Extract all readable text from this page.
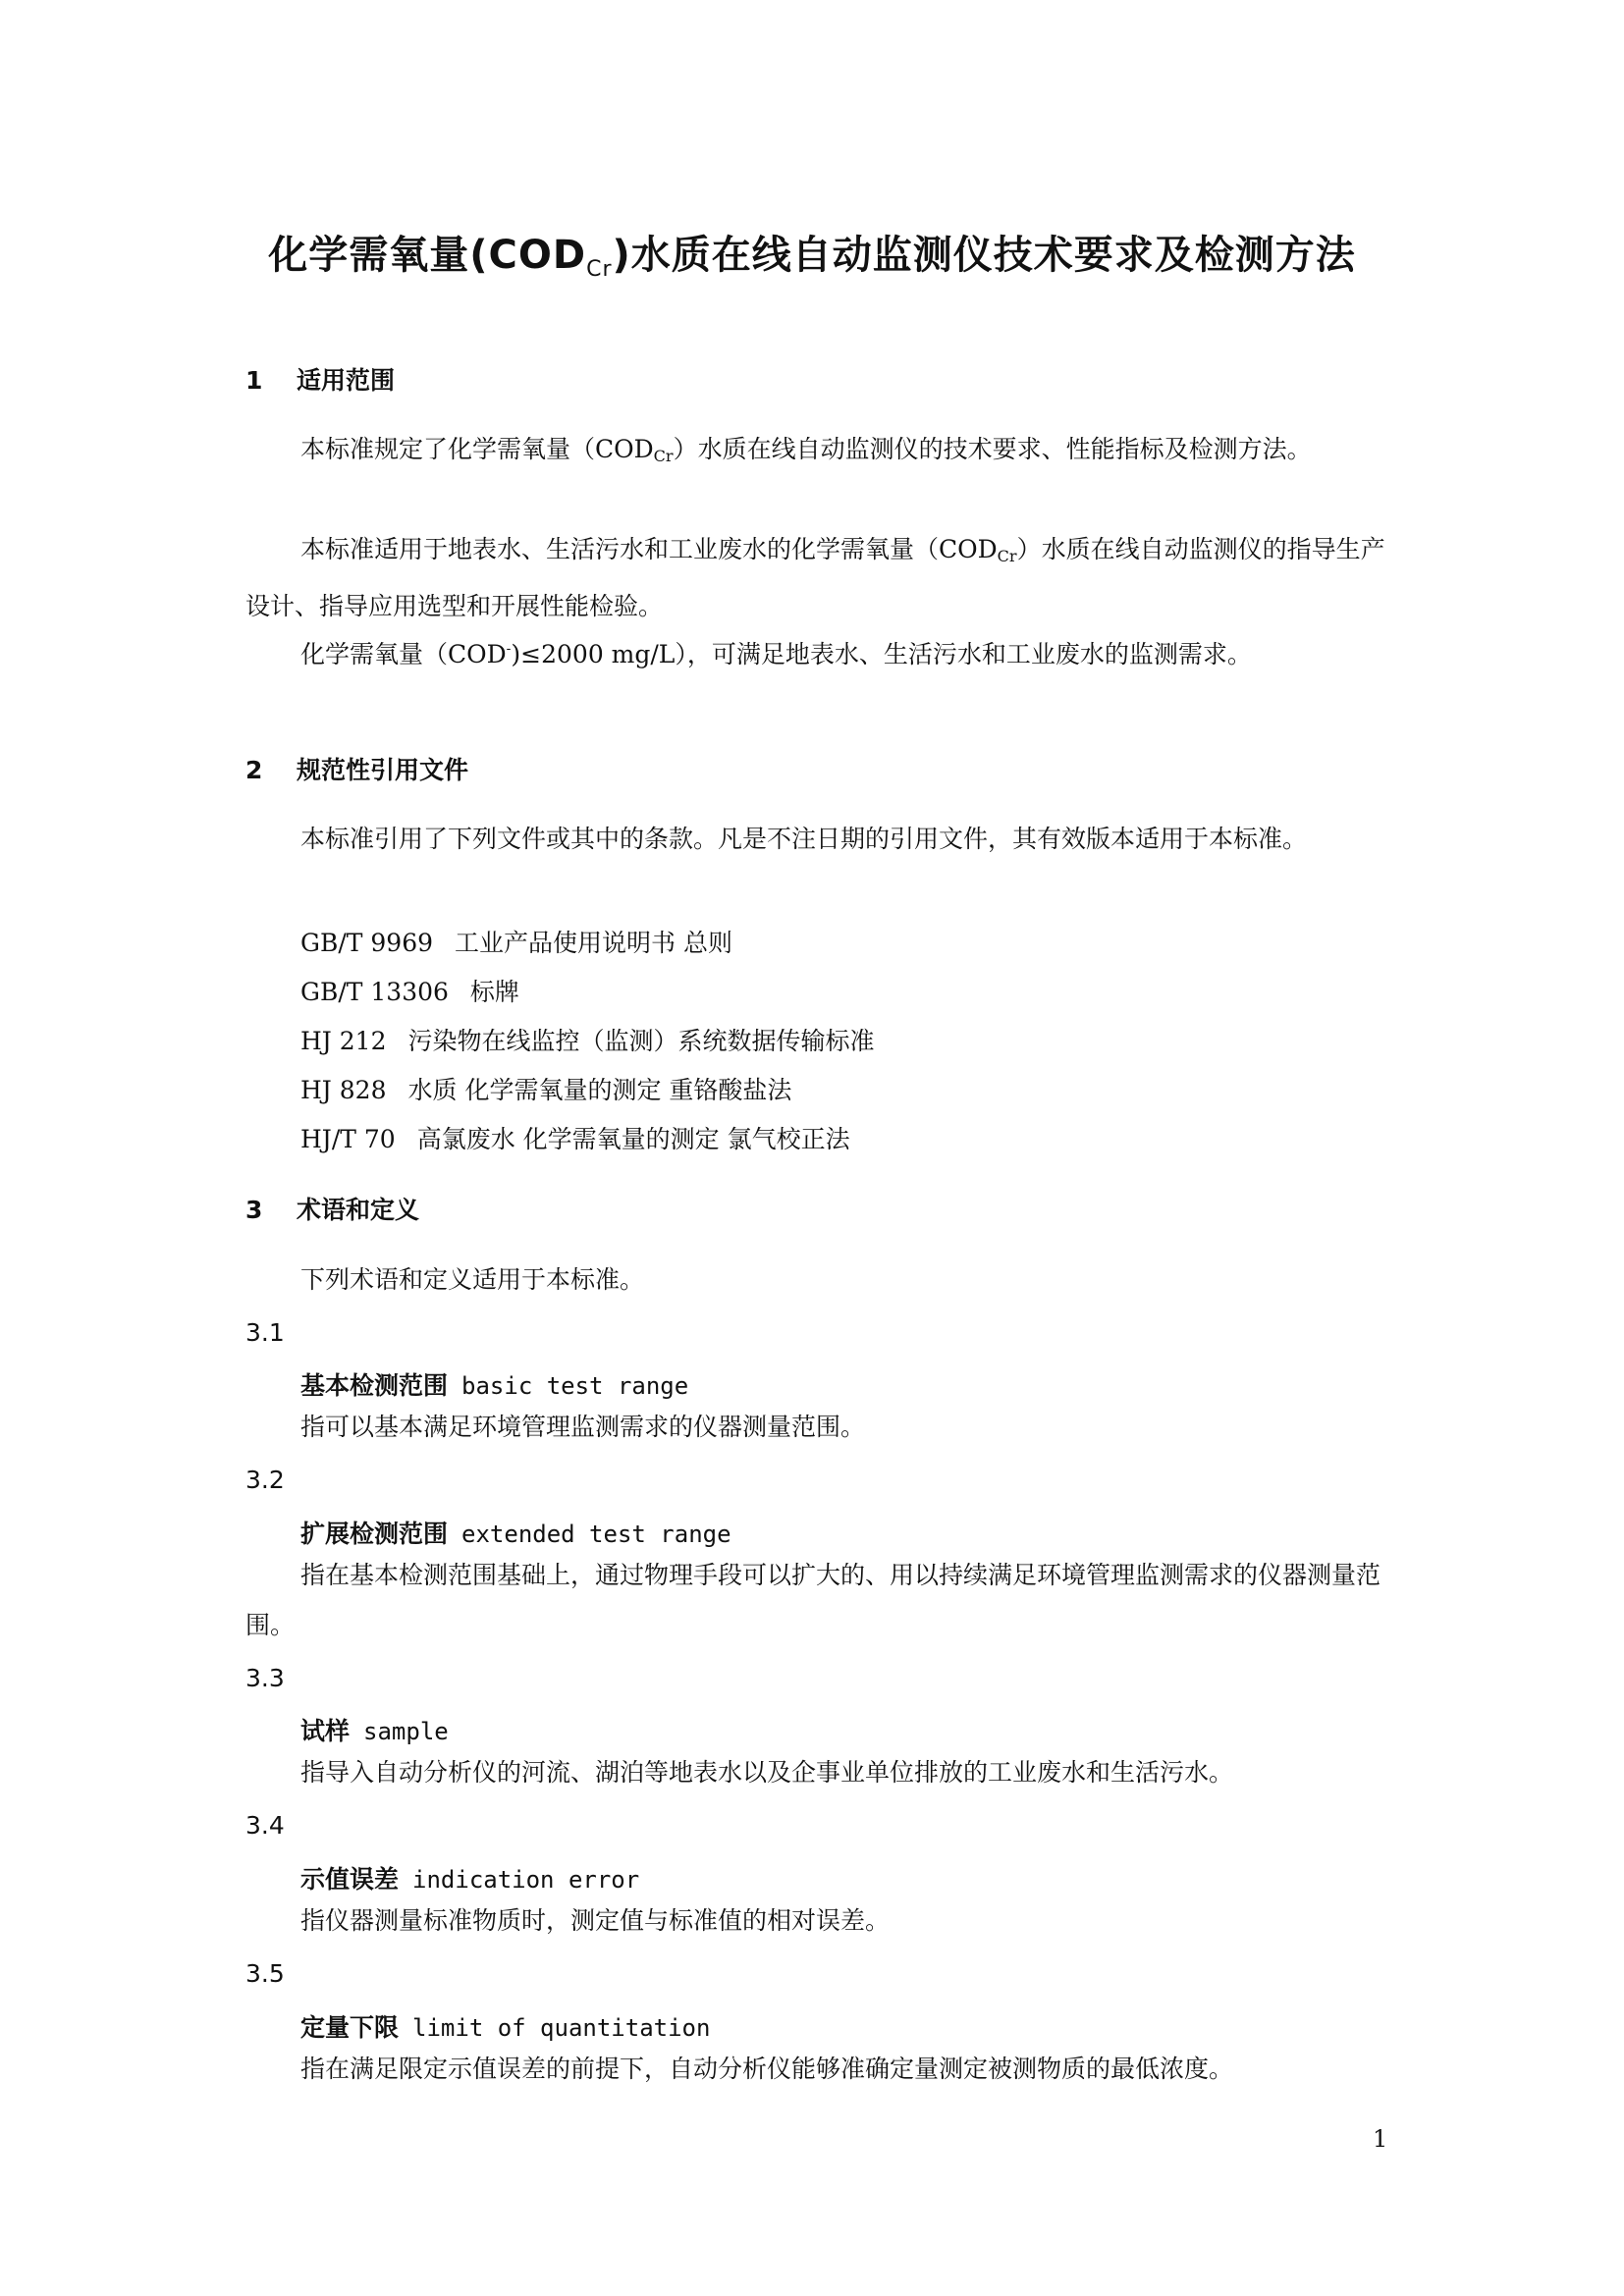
化学需氧量$(COD_{Cr})$水质在线自动监测仪技术要求及检测方法
1 适用范围

本标准规定了化学需氧量$(COD_{Cr})$水质在线自动监测仪的技术要求、性能指标及检测方法。

本标准适用于地表水、生活污水和工业废水的化学需氧量$(COD_{Cr})$水质在线自动监测仪的指导生产设计、指导应用选型和开展性能检验。

化学需氧量（COD-)≤2000 mg/L），可满足地表水、生活污水和工业废水的监测需求。

2 规范性引用文件

本标准引用了下列文件或其中的条款。凡是不注日期的引用文件，其有效版本适用于本标准。

GB/T 9969 工业产品使用说明书 总则
GB/T 13306 标牌
HJ 212 污染物在线监控（监测）系统数据传输标准
HJ 828 水质 化学需氧量的测定 重铬酸盐法
HJ/T 70 高氯废水 化学需氧量的测定 氯气校正法
3 术语和定义

下列术语和定义适用于本标准。

3.1
基本检测范围 basic test range

指可以基本满足环境管理监测需求的仪器测量范围。

3.2
扩展检测范围 extended test range

指在基本检测范围基础上，通过物理手段可以扩大的、用以持续满足环境管理监测需求的仪器测量范围。

3.3
试样 sample

指导入自动分析仪的河流、湖泊等地表水以及企事业单位排放的工业废水和生活污水。

3.4
示值误差 indication error

指仪器测量标准物质时，测定值与标准值的相对误差。

3.5
定量下限 limit of quantitation

指在满足限定示值误差的前提下，自动分析仪能够准确定量测定被测物质的最低浓度。

1
